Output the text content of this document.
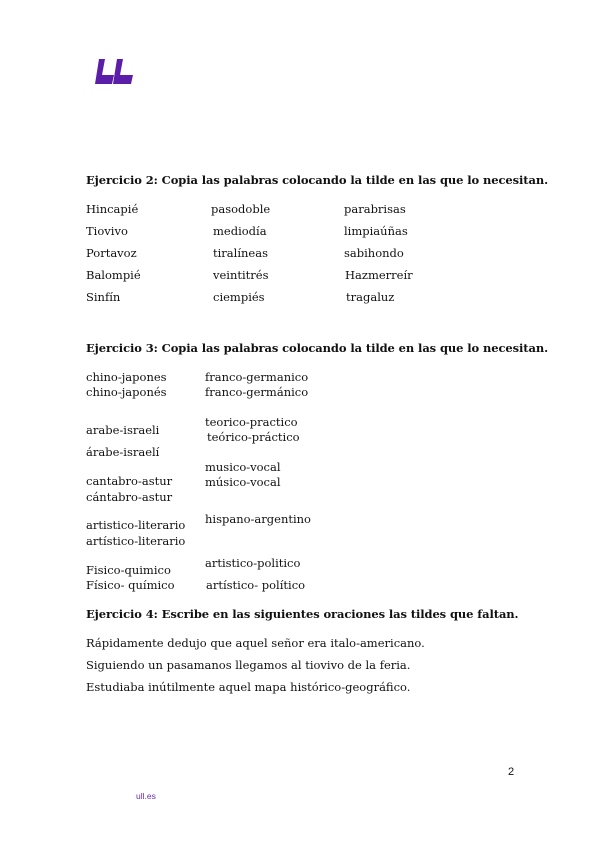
Ejercicio 2: Copia las palabras colocando la tilde en las que lo necesitan.
Hincapié
Tiovivo
Portavoz
Balompié
Sinfín
pasodoble
mediodía
tiralíneas
veintitrés
ciempiés
parabrisas
limpiaúñas
sabihondo
Hazmerreír
tragaluz
Ejercicio 3: Copia las palabras colocando la tilde en las que lo necesitan.
chino-japones
chino-japonés
arabe-israeli
árabe-israelí
cantabro-astur
cántabro-astur
artistico-literario
artístico-literario
Fisico-quimico
Físico- químico
franco-germanico
franco-germánico
teorico-practico
teórico-práctico
musico-vocal
músico-vocal
hispano-argentino
artistico-politico
artístico- político
Ejercicio 4: Escribe en las siguientes oraciones las tildes que faltan.
Rápidamente dedujo que aquel señor era italo-americano.
Siguiendo un pasamanos llegamos al tiovivo de la feria.
Estudiaba inútilmente aquel mapa histórico-geográfico.
2
ull.es
